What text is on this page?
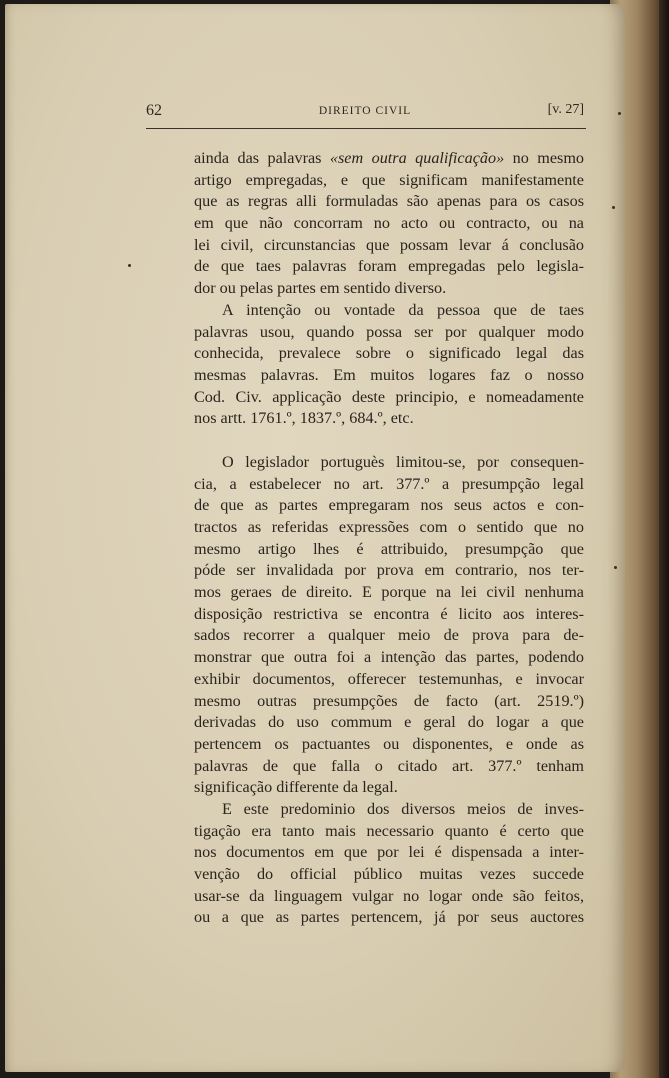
62	DIREITO CIVIL	[v. 27]
ainda das palavras «sem outra qualificação» no mesmo
artigo empregadas, e que significam manifestamente
que as regras alli formuladas são apenas para os casos
em que não concorram no acto ou contracto, ou na
lei civil, circunstancias que possam levar á conclusão
de que taes palavras foram empregadas pelo legisla-
dor ou pelas partes em sentido diverso.
A intenção ou vontade da pessoa que de taes
palavras usou, quando possa ser por qualquer modo
conhecida, prevalece sobre o significado legal das
mesmas palavras. Em muitos logares faz o nosso
Cod. Civ. applicação deste principio, e nomeadamente
nos artt. 1761.º, 1837.º, 684.º, etc.
O legislador portuguès limitou-se, por consequen-
cia, a estabelecer no art. 377.º a presumpção legal
de que as partes empregaram nos seus actos e con-
tractos as referidas expressões com o sentido que no
mesmo artigo lhes é attribuido, presumpção que
póde ser invalidada por prova em contrario, nos ter-
mos geraes de direito. E porque na lei civil nenhuma
disposição restrictiva se encontra é licito aos interes-
sados recorrer a qualquer meio de prova para de-
monstrar que outra foi a intenção das partes, podendo
exhibir documentos, offerecer testemunhas, e invocar
mesmo outras presumpções de facto (art. 2519.º)
derivadas do uso commum e geral do logar a que
pertencem os pactuantes ou disponentes, e onde as
palavras de que falla o citado art. 377.º tenham
significação differente da legal.
E este predominio dos diversos meios de inves-
tigação era tanto mais necessario quanto é certo que
nos documentos em que por lei é dispensada a inter-
venção do official público muitas vezes succede
usar-se da linguagem vulgar no logar onde são feitos,
ou a que as partes pertencem, já por seus auctores
